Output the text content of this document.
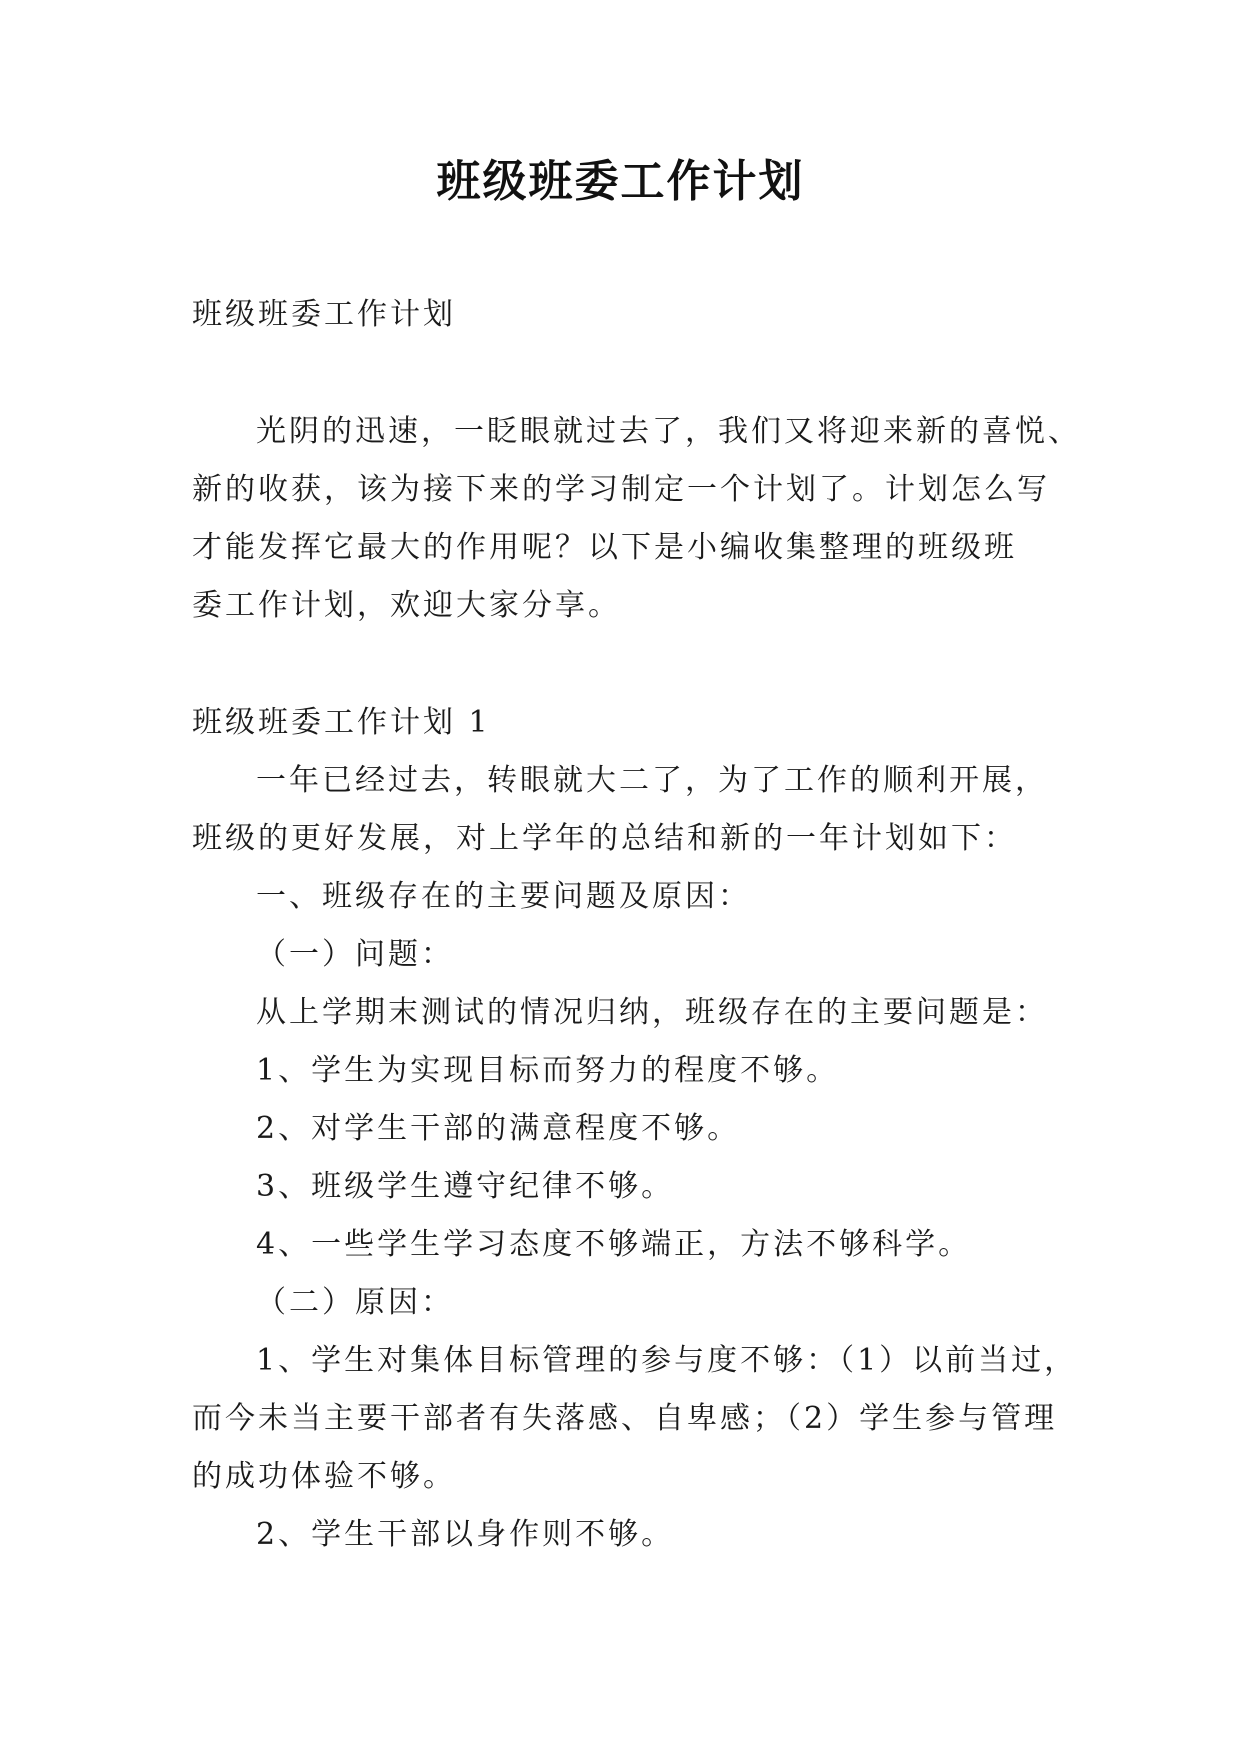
班级班委工作计划
班级班委工作计划
光阴的迅速，一眨眼就过去了，我们又将迎来新的喜悦、
新的收获，该为接下来的学习制定一个计划了。计划怎么写
才能发挥它最大的作用呢？以下是小编收集整理的班级班
委工作计划，欢迎大家分享。
班级班委工作计划 1
一年已经过去，转眼就大二了，为了工作的顺利开展，
班级的更好发展，对上学年的总结和新的一年计划如下：
一、班级存在的主要问题及原因：
（一）问题：
从上学期末测试的情况归纳，班级存在的主要问题是：
1、学生为实现目标而努力的程度不够。
2、对学生干部的满意程度不够。
3、班级学生遵守纪律不够。
4、一些学生学习态度不够端正，方法不够科学。
（二）原因：
1、学生对集体目标管理的参与度不够：（1）以前当过，
而今未当主要干部者有失落感、自卑感；（2）学生参与管理
的成功体验不够。
2、学生干部以身作则不够。
